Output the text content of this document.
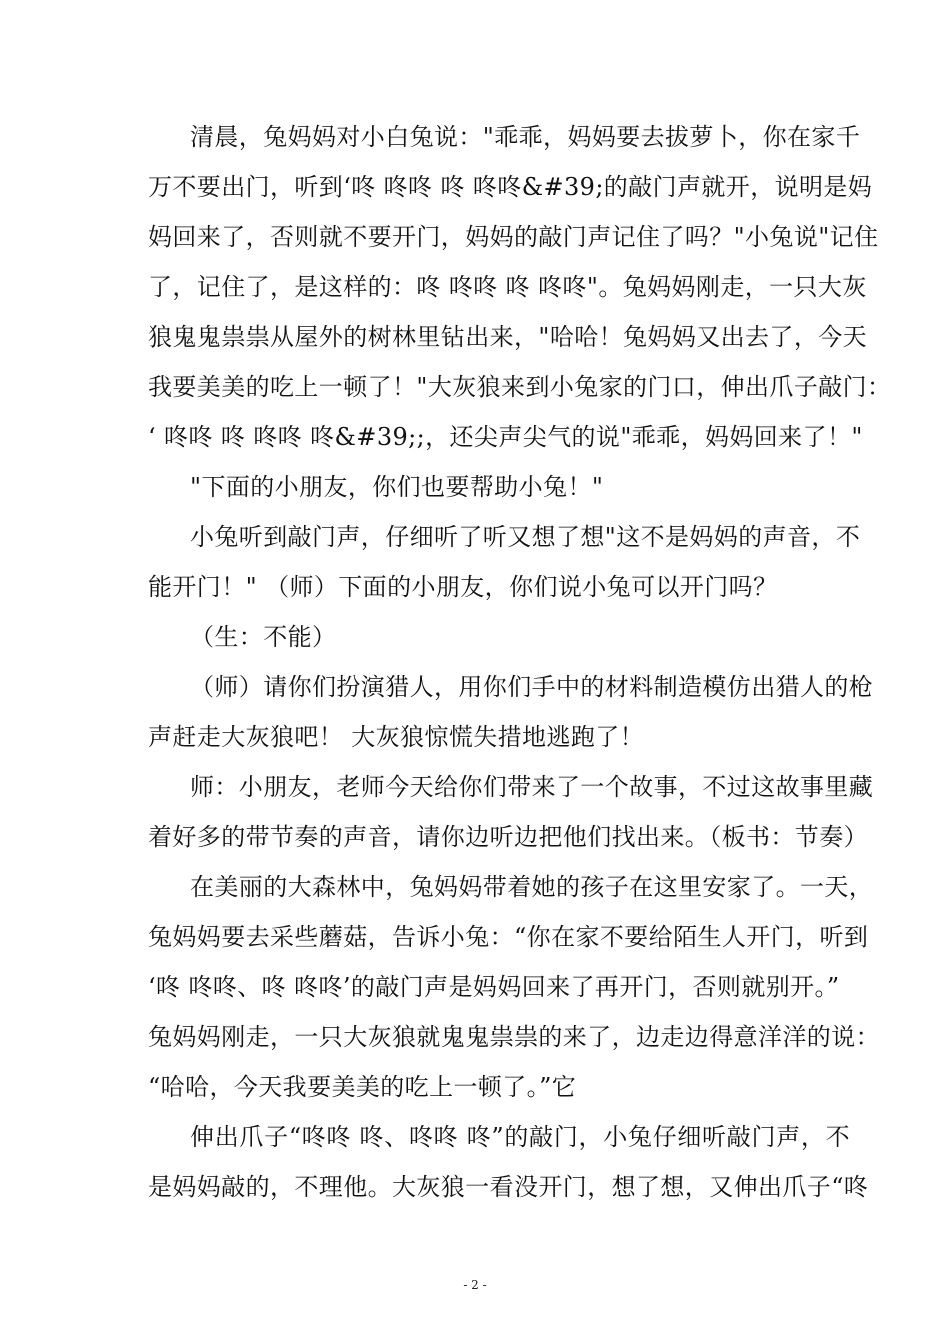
清晨，兔妈妈对小白兔说："乖乖，妈妈要去拔萝卜，你在家千
万不要出门，听到‘咚 咚咚 咚 咚咚&#39;的敲门声就开，说明是妈
妈回来了，否则就不要开门，妈妈的敲门声记住了吗？"小兔说"记住
了，记住了，是这样的：咚 咚咚 咚 咚咚"。兔妈妈刚走，一只大灰
狼鬼鬼祟祟从屋外的树林里钻出来，"哈哈！兔妈妈又出去了，今天
我要美美的吃上一顿了！"大灰狼来到小兔家的门口，伸出爪子敲门：
‘ 咚咚 咚 咚咚 咚&#39;;，还尖声尖气的说"乖乖，妈妈回来了！"
"下面的小朋友，你们也要帮助小兔！"
小兔听到敲门声，仔细听了听又想了想"这不是妈妈的声音，不
能开门！" （师）下面的小朋友，你们说小兔可以开门吗？
（生：不能）
（师）请你们扮演猎人，用你们手中的材料制造模仿出猎人的枪
声赶走大灰狼吧！ 大灰狼惊慌失措地逃跑了！
师：小朋友，老师今天给你们带来了一个故事，不过这故事里藏
着好多的带节奏的声音，请你边听边把他们找出来。（板书：节奏）
在美丽的大森林中，兔妈妈带着她的孩子在这里安家了。一天，
兔妈妈要去采些蘑菇，告诉小兔：“你在家不要给陌生人开门，听到
‘咚 咚咚、咚 咚咚’的敲门声是妈妈回来了再开门，否则就别开。”
兔妈妈刚走，一只大灰狼就鬼鬼祟祟的来了，边走边得意洋洋的说：
“哈哈，今天我要美美的吃上一顿了。”它
伸出爪子“咚咚 咚、咚咚 咚”的敲门，小兔仔细听敲门声，不
是妈妈敲的，不理他。大灰狼一看没开门，想了想，又伸出爪子“咚
- 2 -
